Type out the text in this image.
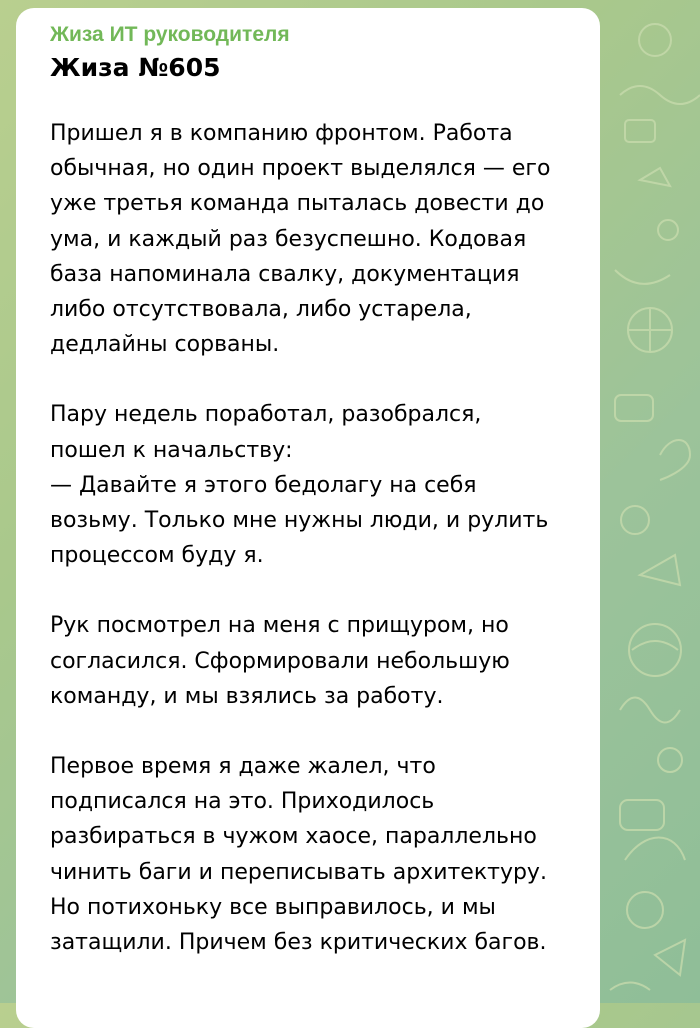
Жиза ИТ руководителя
Жиза №605
Пришел я в компанию фронтом. Работа
обычная, но один проект выделялся — его
уже третья команда пыталась довести до
ума, и каждый раз безуспешно. Кодовая
база напоминала свалку, документация
либо отсутствовала, либо устарела,
дедлайны сорваны.
Пару недель поработал, разобрался,
пошел к начальству:
— Давайте я этого бедолагу на себя
возьму. Только мне нужны люди, и рулить
процессом буду я.
Рук посмотрел на меня с прищуром, но
согласился. Сформировали небольшую
команду, и мы взялись за работу.
Первое время я даже жалел, что
подписался на это. Приходилось
разбираться в чужом хаосе, параллельно
чинить баги и переписывать архитектуру.
Но потихоньку все выправилось, и мы
затащили. Причем без критических багов.
